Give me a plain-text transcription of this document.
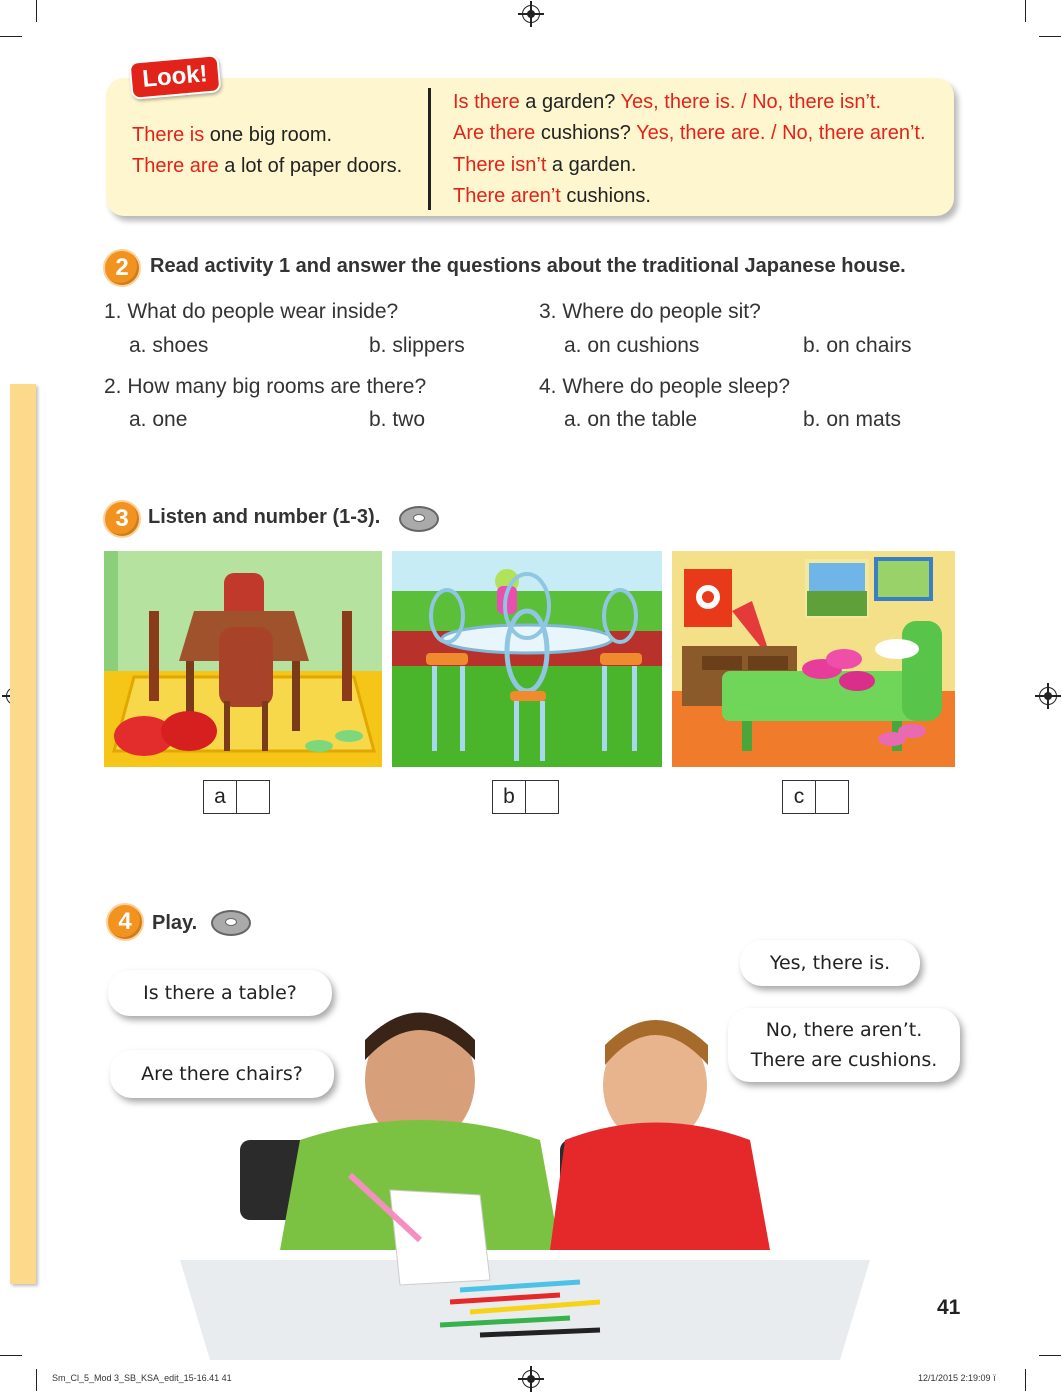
Look!
There is one big room.
There are a lot of paper doors.
Is there a garden? Yes, there is. / No, there isn’t.
Are there cushions? Yes, there are. / No, there aren’t.
There isn’t a garden.
There aren’t cushions.
2	Read activity 1 and answer the questions about the traditional Japanese house.
1. What do people wear inside?
a. shoes	b. slippers
2. How many big rooms are there?
a. one	b. two
3. Where do people sit?
a. on cushions	b. on chairs
4. Where do people sleep?
a. on the table	b. on mats
3 Listen and number (1-3).
a	b	c
4	Play.
Is there a table?
Are there chairs?
Yes, there is.
No, there aren’t.
There are cushions.
41
Sm_Cl_5_Mod 3_SB_KSA_edit_15-16.41 41	12/1/2015 2:19:09 ï
